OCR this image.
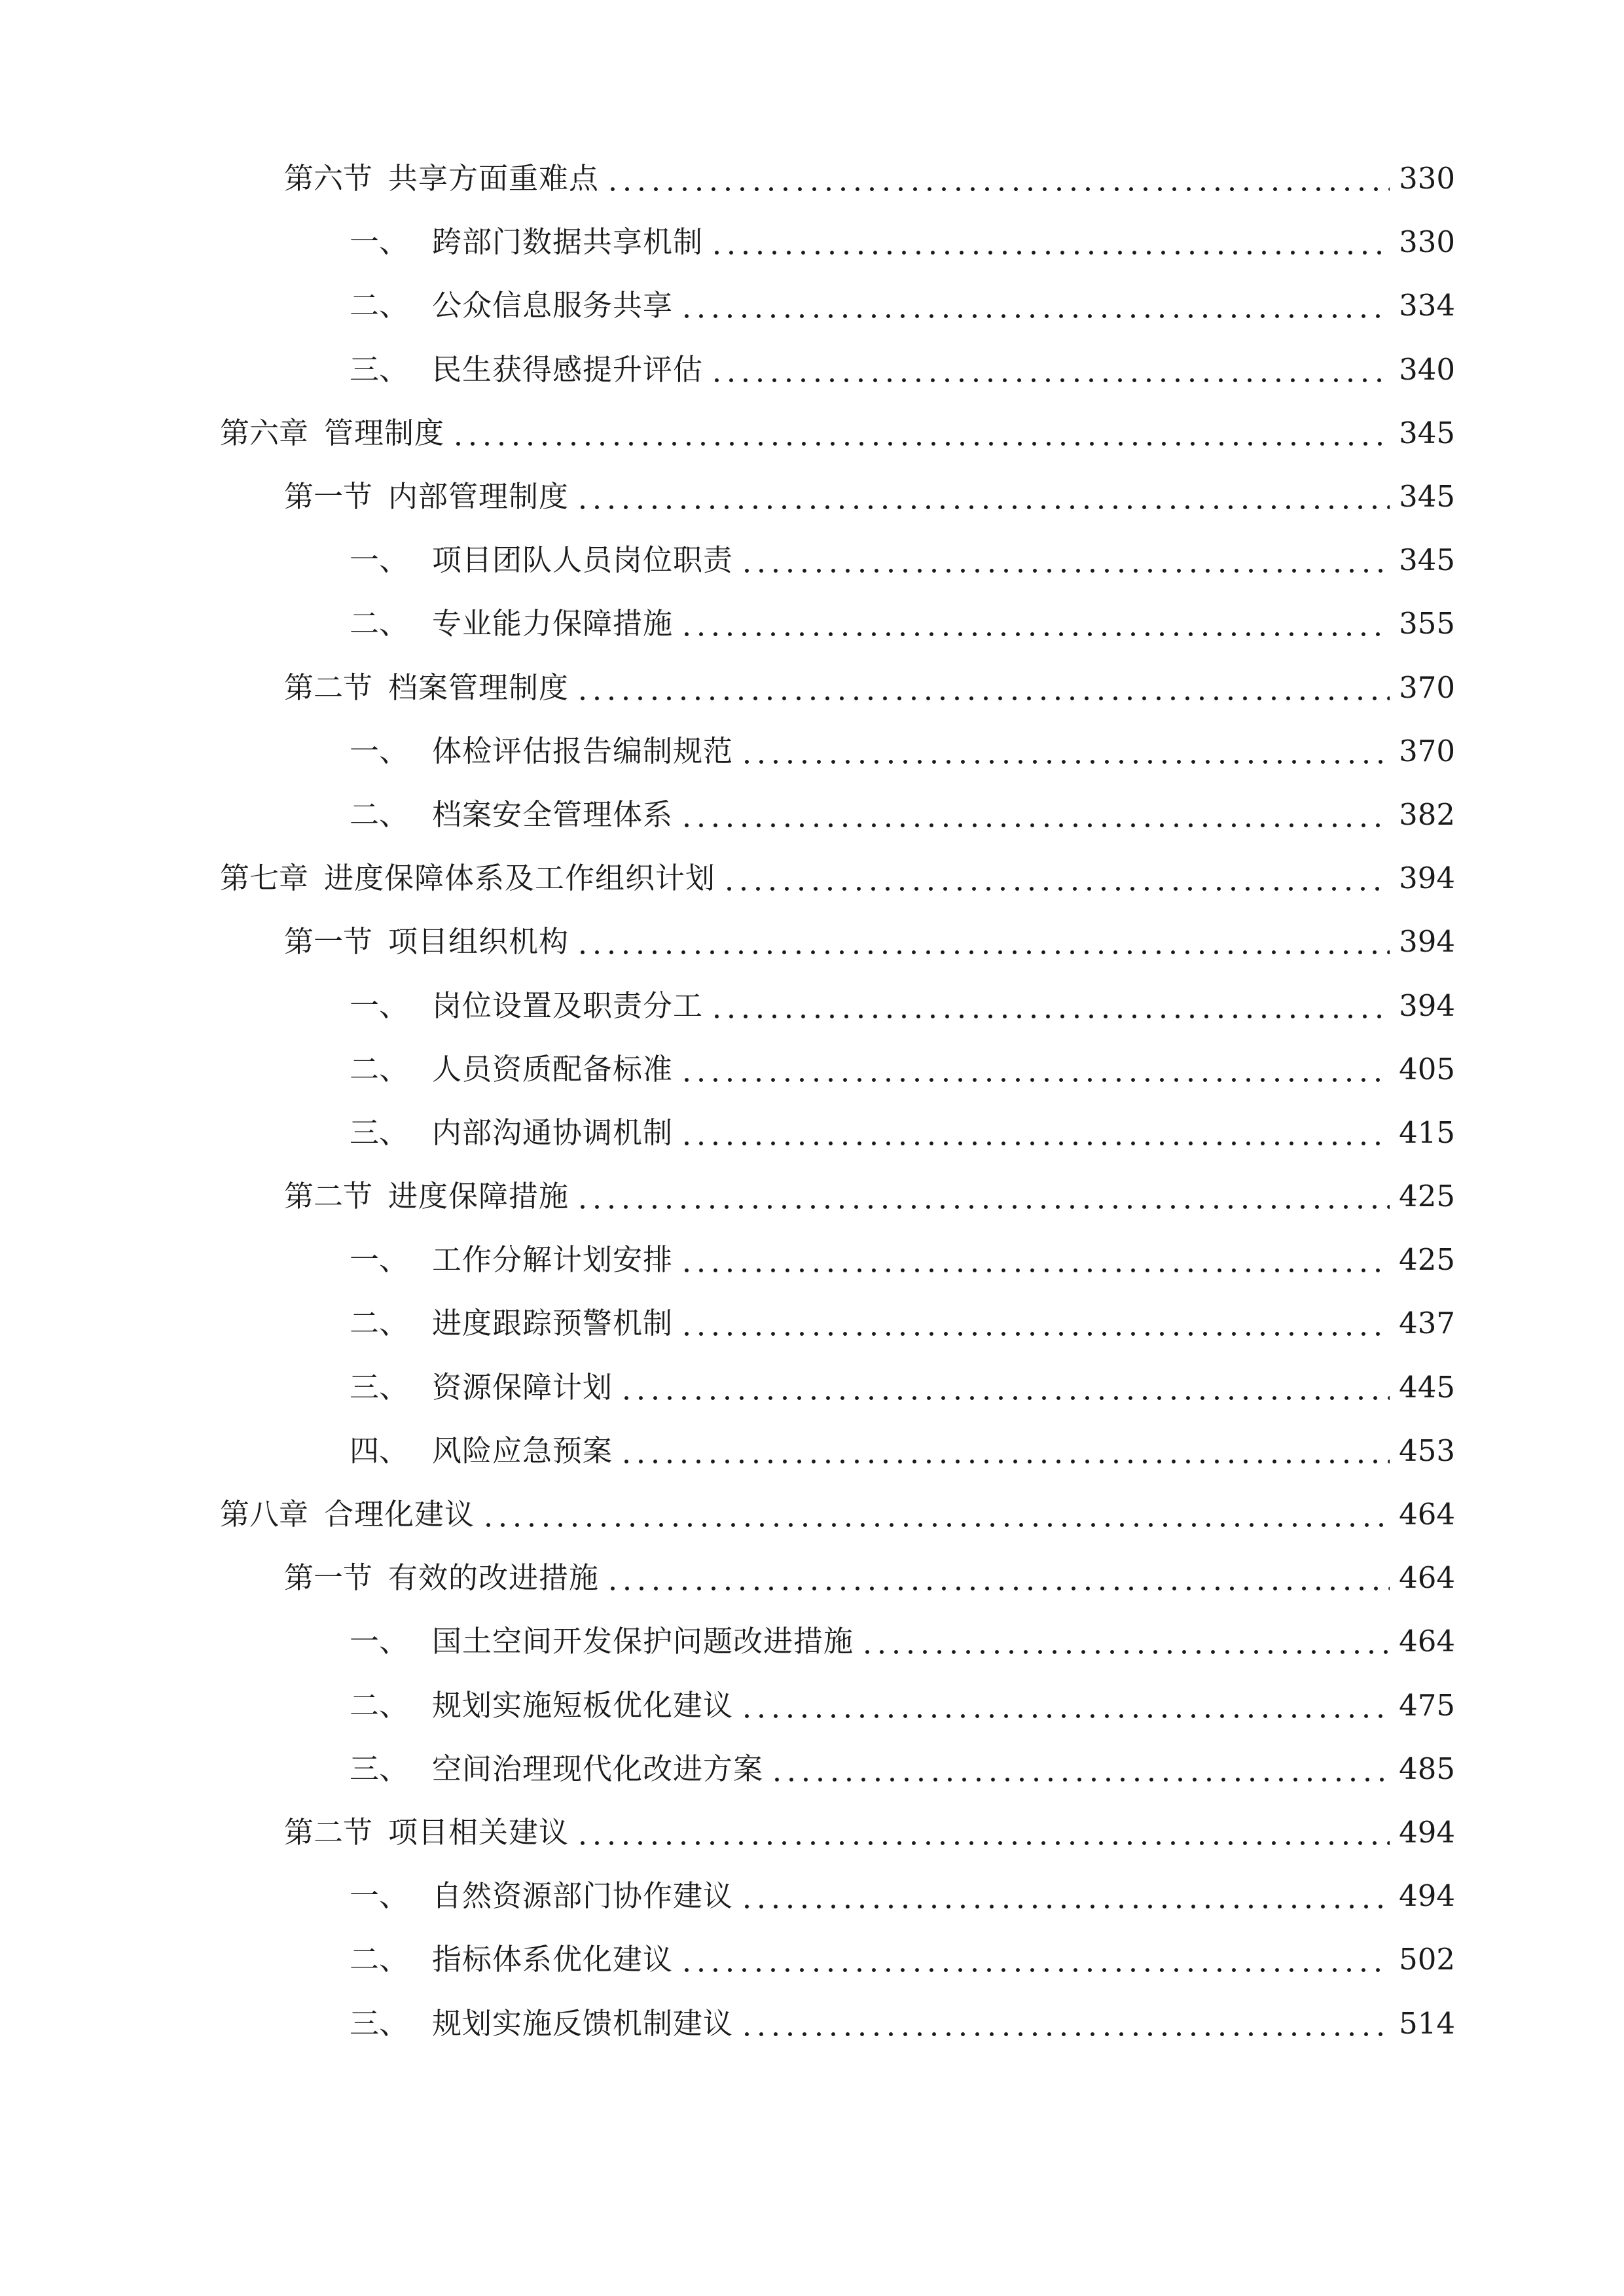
第六节 共享方面重难点	330
一、 跨部门数据共享机制	330
二、 公众信息服务共享	334
三、 民生获得感提升评估	340
第六章 管理制度	345
第一节 内部管理制度	345
一、 项目团队人员岗位职责	345
二、 专业能力保障措施	355
第二节 档案管理制度	370
一、 体检评估报告编制规范	370
二、 档案安全管理体系	382
第七章 进度保障体系及工作组织计划	394
第一节 项目组织机构	394
一、 岗位设置及职责分工	394
二、 人员资质配备标准	405
三、 内部沟通协调机制	415
第二节 进度保障措施	425
一、 工作分解计划安排	425
二、 进度跟踪预警机制	437
三、 资源保障计划	445
四、 风险应急预案	453
第八章 合理化建议	464
第一节 有效的改进措施	464
一、 国土空间开发保护问题改进措施	464
二、 规划实施短板优化建议	475
三、 空间治理现代化改进方案	485
第二节 项目相关建议	494
一、 自然资源部门协作建议	494
二、 指标体系优化建议	502
三、 规划实施反馈机制建议	514
